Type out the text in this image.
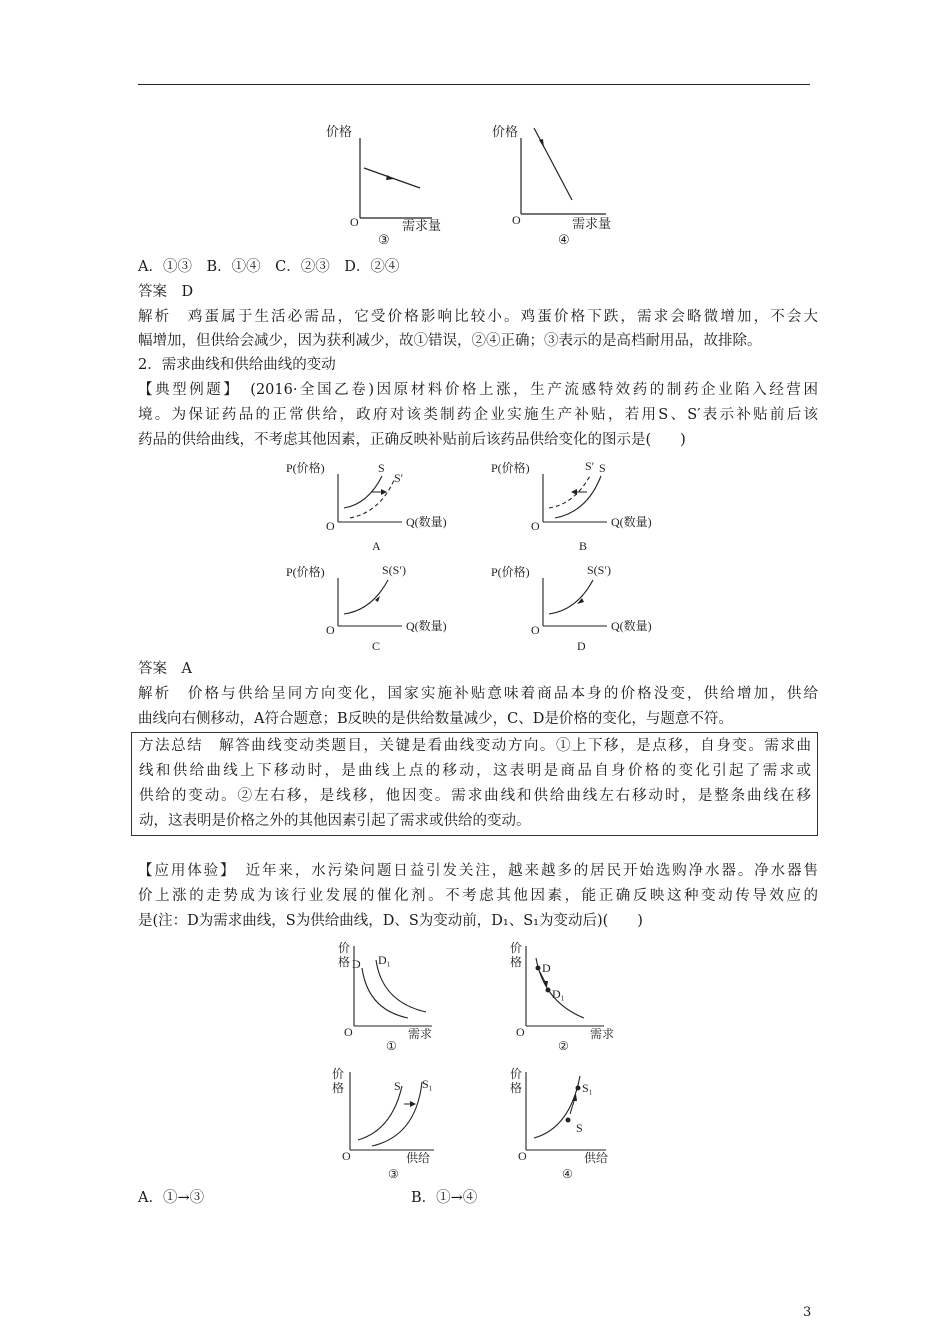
价格
O	需求量
③
价格
O	需求量
④
A．①③　B．①④　C．②③　D．②④
答案　D
解析　鸡蛋属于生活必需品，它受价格影响比较小。鸡蛋价格下跌，需求会略微增加，不会大
幅增加，但供给会减少，因为获利减少，故①错误，②④正确；③表示的是高档耐用品，故排除。
2．需求曲线和供给曲线的变动
【典型例题】　(2016·全国乙卷)因原材料价格上涨，生产流感特效药的制药企业陷入经营困
境。为保证药品的正常供给，政府对该类制药企业实施生产补贴，若用S、S′表示补贴前后该
药品的供给曲线，不考虑其他因素，正确反映补贴前后该药品供给变化的图示是(　　)
P(价格)
O	Q(数量)
S
S′
A
P(价格)
O	Q(数量)
S′ S
B
P(价格)
O	Q(数量)
S(S′)
C
P(价格)
O	Q(数量)
S(S′)
D
答案　A
解析　价格与供给呈同方向变化，国家实施补贴意味着商品本身的价格没变，供给增加，供给
曲线向右侧移动，A符合题意；B反映的是供给数量减少，C、D是价格的变化，与题意不符。
方法总结　解答曲线变动类题目，关键是看曲线变动方向。①上下移，是点移，自身变。需求曲
线和供给曲线上下移动时，是曲线上点的移动，这表明是商品自身价格的变化引起了需求或
供给的变动。②左右移，是线移，他因变。需求曲线和供给曲线左右移动时，是整条曲线在移
动，这表明是价格之外的其他因素引起了需求或供给的变动。
【应用体验】　近年来，水污染问题日益引发关注，越来越多的居民开始选购净水器。净水器售
价上涨的走势成为该行业发展的催化剂。不考虑其他因素，能正确反映这种变动传导效应的
是(注：D为需求曲线，S为供给曲线，D、S为变动前，D₁、S₁为变动后)(　　)
价
格
O	需求
D D₁
①
价
格
O	需求
D
D₁
②
价
格
O	供给
S S₁
③
价
格
O	供给
S
S₁
④
A．①→③	B．①→④
3
